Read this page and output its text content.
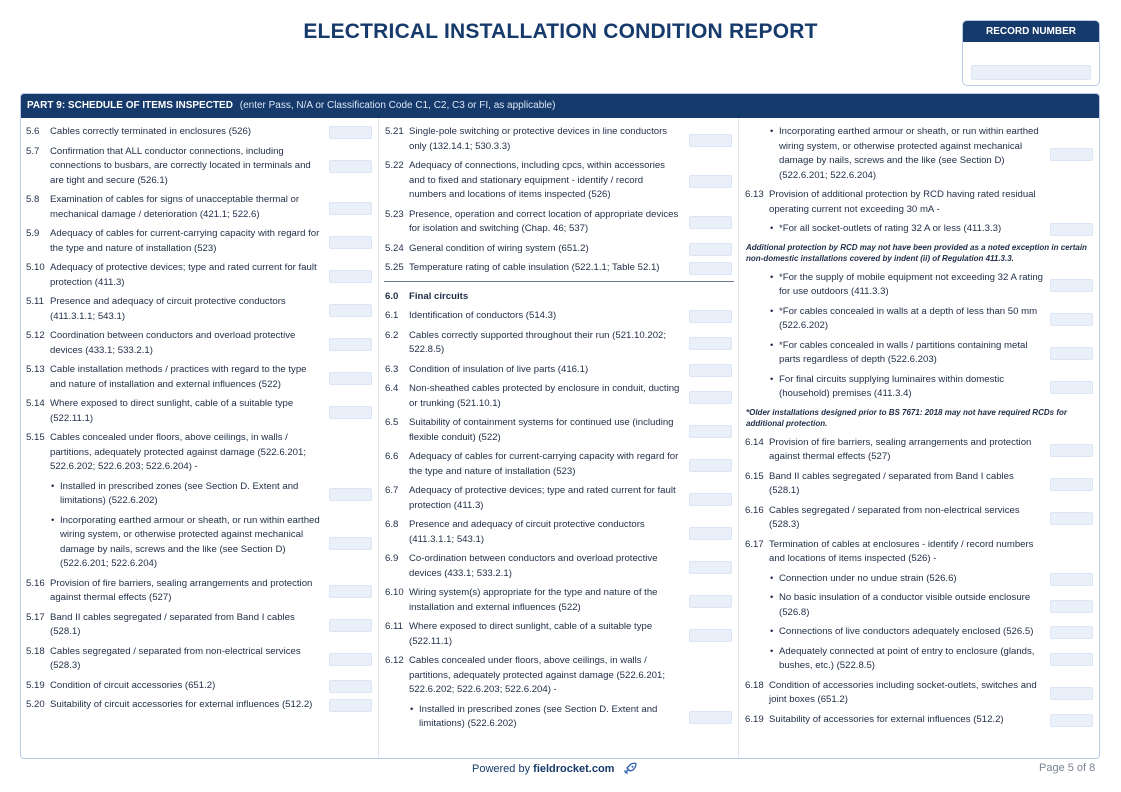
ELECTRICAL INSTALLATION CONDITION REPORT	RECORD NUMBER
PART 9: SCHEDULE OF ITEMS INSPECTED (enter Pass, N/A or Classification Code C1, C2, C3 or FI, as applicable)
5.6 Cables correctly terminated in enclosures (526)
5.7 Confirmation that ALL conductor connections, including connections to busbars, are correctly located in terminals and are tight and secure (526.1)
5.8 Examination of cables for signs of unacceptable thermal or mechanical damage / deterioration (421.1; 522.6)
5.9 Adequacy of cables for current-carrying capacity with regard for the type and nature of installation (523)
5.10 Adequacy of protective devices; type and rated current for fault protection (411.3)
5.11 Presence and adequacy of circuit protective conductors (411.3.1.1; 543.1)
5.12 Coordination between conductors and overload protective devices (433.1; 533.2.1)
5.13 Cable installation methods / practices with regard to the type and nature of installation and external influences (522)
5.14 Where exposed to direct sunlight, cable of a suitable type (522.11.1)
5.15 Cables concealed under floors, above ceilings, in walls / partitions, adequately protected against damage (522.6.201; 522.6.202; 522.6.203; 522.6.204) -
• Installed in prescribed zones (see Section D. Extent and limitations) (522.6.202)
• Incorporating earthed armour or sheath, or run within earthed wiring system, or otherwise protected against mechanical damage by nails, screws and the like (see Section D) (522.6.201; 522.6.204)
5.16 Provision of fire barriers, sealing arrangements and protection against thermal effects (527)
5.17 Band II cables segregated / separated from Band I cables (528.1)
5.18 Cables segregated / separated from non-electrical services (528.3)
5.19 Condition of circuit accessories (651.2)
5.20 Suitability of circuit accessories for external influences (512.2)
5.21 Single-pole switching or protective devices in line conductors only (132.14.1; 530.3.3)
5.22 Adequacy of connections, including cpcs, within accessories and to fixed and stationary equipment - identify / record numbers and locations of items inspected (526)
5.23 Presence, operation and correct location of appropriate devices for isolation and switching (Chap. 46; 537)
5.24 General condition of wiring system (651.2)
5.25 Temperature rating of cable insulation (522.1.1; Table 52.1)
6.0 Final circuits
6.1 Identification of conductors (514.3)
6.2 Cables correctly supported throughout their run (521.10.202; 522.8.5)
6.3 Condition of insulation of live parts (416.1)
6.4 Non-sheathed cables protected by enclosure in conduit, ducting or trunking (521.10.1)
6.5 Suitability of containment systems for continued use (including flexible conduit) (522)
6.6 Adequacy of cables for current-carrying capacity with regard for the type and nature of installation (523)
6.7 Adequacy of protective devices; type and rated current for fault protection (411.3)
6.8 Presence and adequacy of circuit protective conductors (411.3.1.1; 543.1)
6.9 Co-ordination between conductors and overload protective devices (433.1; 533.2.1)
6.10 Wiring system(s) appropriate for the type and nature of the installation and external influences (522)
6.11 Where exposed to direct sunlight, cable of a suitable type (522.11.1)
6.12 Cables concealed under floors, above ceilings, in walls / partitions, adequately protected against damage (522.6.201; 522.6.202; 522.6.203; 522.6.204) -
• Installed in prescribed zones (see Section D. Extent and limitations) (522.6.202)
• Incorporating earthed armour or sheath, or run within earthed wiring system, or otherwise protected against mechanical damage by nails, screws and the like (see Section D) (522.6.201; 522.6.204)
6.13 Provision of additional protection by RCD having rated residual operating current not exceeding 30 mA -
• *For all socket-outlets of rating 32 A or less (411.3.3)
Additional protection by RCD may not have been provided as a noted exception in certain non-domestic installations covered by indent (ii) of Regulation 411.3.3.
• *For the supply of mobile equipment not exceeding 32 A rating for use outdoors (411.3.3)
• *For cables concealed in walls at a depth of less than 50 mm (522.6.202)
• *For cables concealed in walls / partitions containing metal parts regardless of depth (522.6.203)
• For final circuits supplying luminaires within domestic (household) premises (411.3.4)
*Older installations designed prior to BS 7671: 2018 may not have required RCDs for additional protection.
6.14 Provision of fire barriers, sealing arrangements and protection against thermal effects (527)
6.15 Band II cables segregated / separated from Band I cables (528.1)
6.16 Cables segregated / separated from non-electrical services (528.3)
6.17 Termination of cables at enclosures - identify / record numbers and locations of items inspected (526) -
• Connection under no undue strain (526.6)
• No basic insulation of a conductor visible outside enclosure (526.8)
• Connections of live conductors adequately enclosed (526.5)
• Adequately connected at point of entry to enclosure (glands, bushes, etc.) (522.8.5)
6.18 Condition of accessories including socket-outlets, switches and joint boxes (651.2)
6.19 Suitability of accessories for external influences (512.2)
Powered by fieldrocket.com	Page 5 of 8
